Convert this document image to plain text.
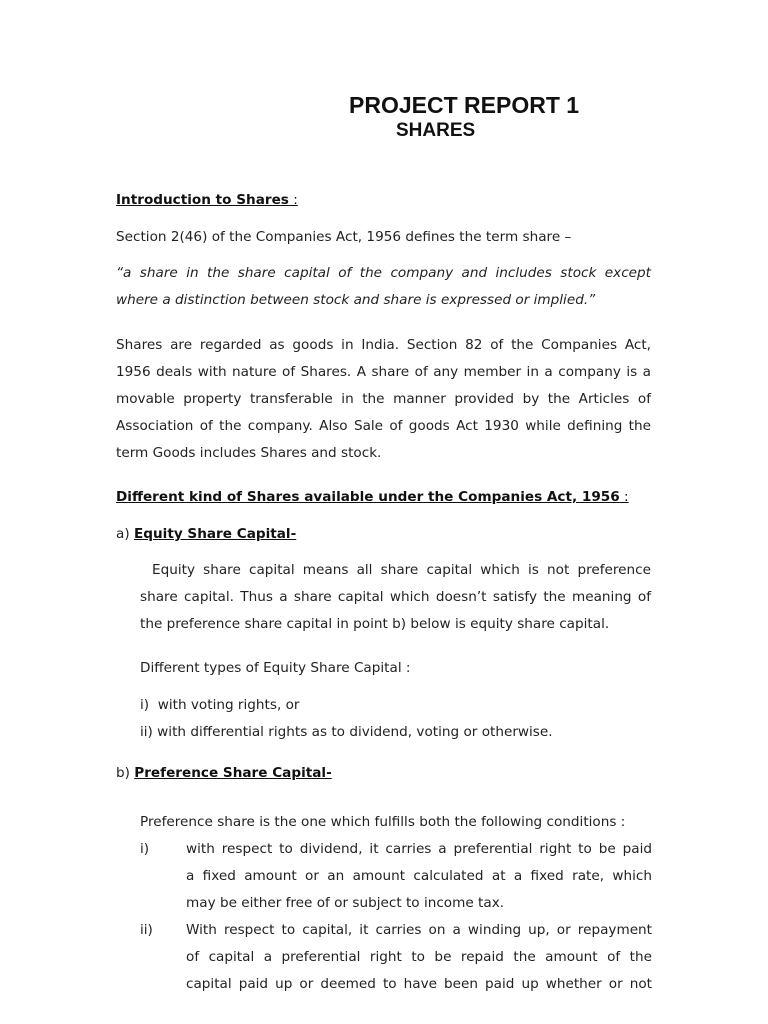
PROJECT REPORT 1
SHARES
Introduction to Shares :
Section 2(46) of the Companies Act, 1956 defines the term share –
“a share in the share capital of the company and includes stock except
where a distinction between stock and share is expressed or implied.”
Shares are regarded as goods in India. Section 82 of the Companies Act,
1956 deals with nature of Shares. A share of any member in a company is a
movable property transferable in the manner provided by the Articles of
Association of the company. Also Sale of goods Act 1930 while defining the
term Goods includes Shares and stock.
Different kind of Shares available under the Companies Act, 1956 :
a) Equity Share Capital-
Equity share capital means all share capital which is not preference
share capital. Thus a share capital which doesn’t satisfy the meaning of
the preference share capital in point b) below is equity share capital.
Different types of Equity Share Capital :
i)  with voting rights, or
ii) with differential rights as to dividend, voting or otherwise.
b) Preference Share Capital-
Preference share is the one which fulfills both the following conditions :
i)	with respect to dividend, it carries a preferential right to be paid
a fixed amount or an amount calculated at a fixed rate, which
may be either free of or subject to income tax.
ii) With respect to capital, it carries on a winding up, or repayment
of capital a preferential right to be repaid the amount of the
capital paid up or deemed to have been paid up whether or not
